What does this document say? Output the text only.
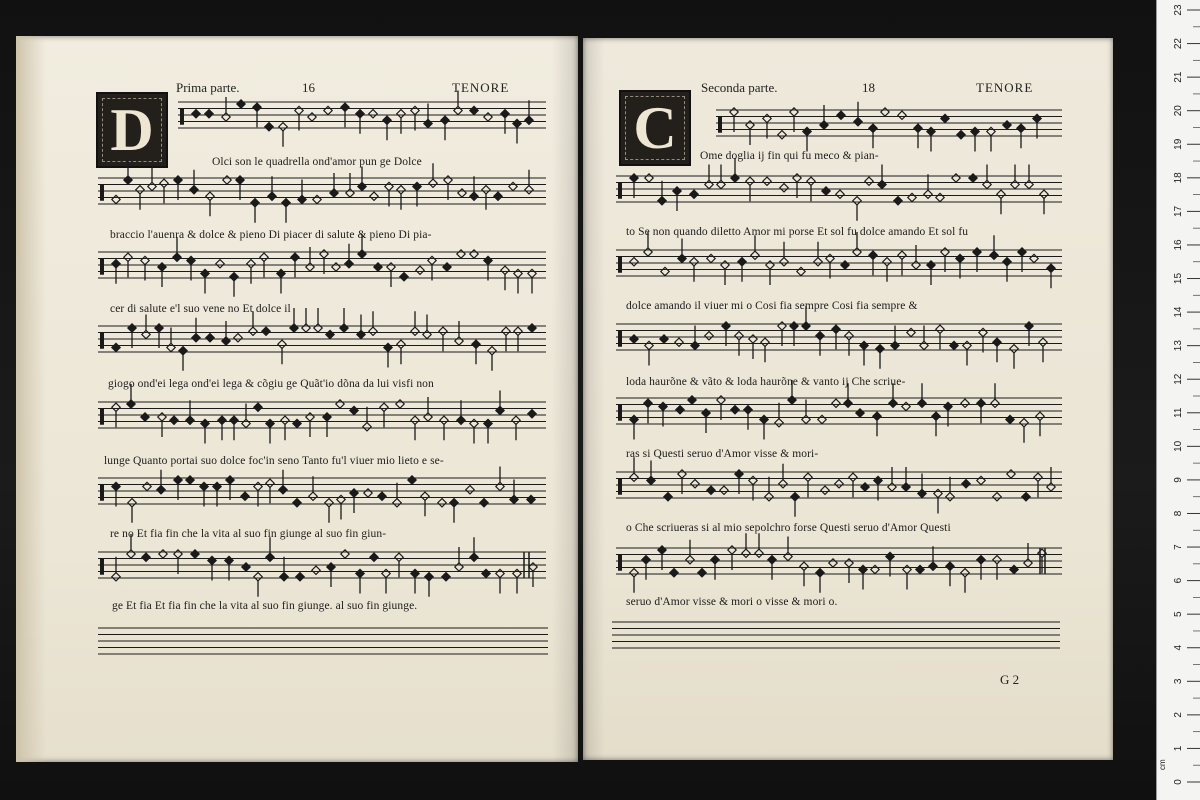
D
Prima parte.	16	TENORE
C
Seconda parte.	18	TENORE
Olci son le quadrella ond'amor pun ge Dolce
braccio l'auenra & dolce & pieno Di piacer di salute & pieno Di pia-
cer di salute e'l suo vene no Et dolce il
giogo ond'ei lega ond'ei lega & cõgiu ge Quãt'io dõna da lui visfi non
lunge Quanto portai suo dolce foc'in seno Tanto fu'l viuer mio lieto e se-
re no Et fia fin che la vita al suo fin giunge al suo fin giun-
ge Et fia Et fia fin che la vita al suo fin giunge. al suo fin giunge.
Ome doglia ij fin qui fu meco & pian-
to Se non quando diletto Amor mi porse Et sol fu dolce amando Et sol fu
dolce amando il viuer mi o Cosi fia sempre Cosi fia sempre &
loda haurõne & vãto & loda haurõne & vanto ij Che scriue-
ras si Questi seruo d'Amor visse & mori-
o Che scriueras si al mio sepolchro forse Questi seruo d'Amor Questi
seruo d'Amor visse & mori o visse & mori o.
G 2
0
1
2
3
4
5
6
7
8
9
10
11
12
13
14
15
16
17
18
19
20
21
22
23
cm
